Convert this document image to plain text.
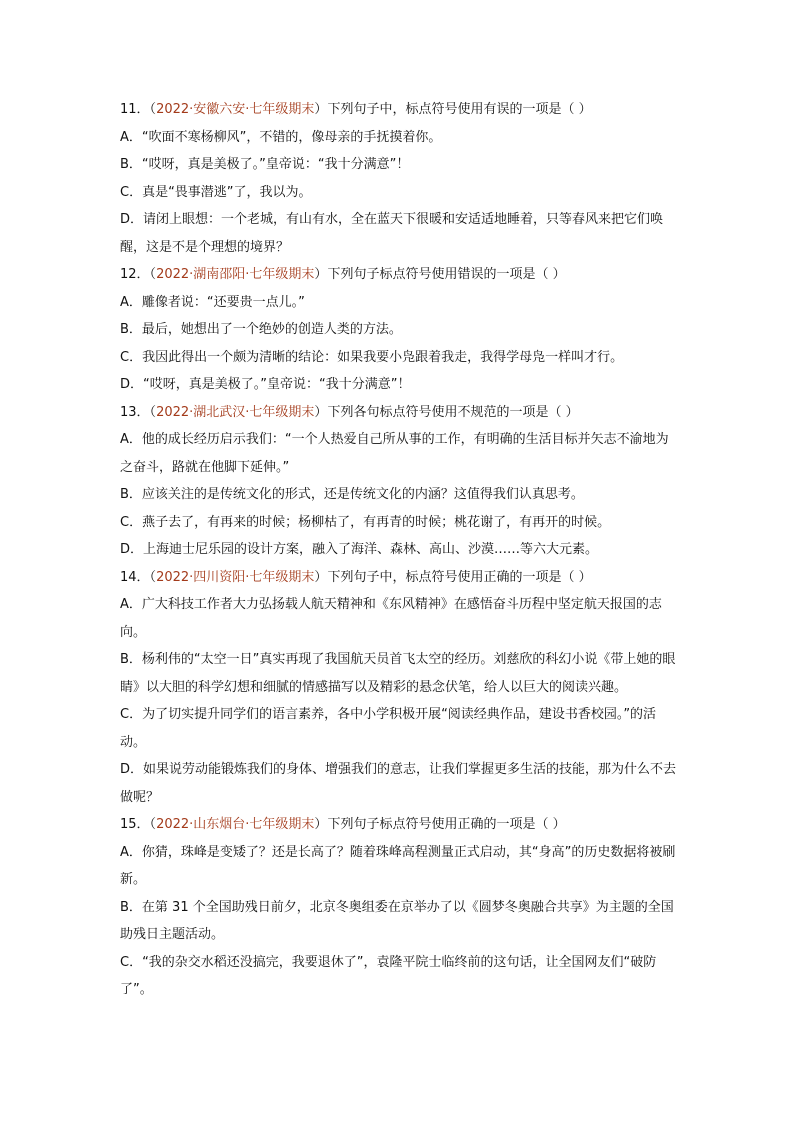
11．（2022·安徽六安·七年级期末）下列句子中，标点符号使用有误的一项是（ ）

A．“吹面不寒杨柳风”，不错的，像母亲的手抚摸着你。

B．“哎呀，真是美极了。”皇帝说：“我十分满意”！

C．真是“畏事潜逃”了，我以为。

D．请闭上眼想：一个老城，有山有水，全在蓝天下很暖和安适适地睡着，只等春风来把它们唤醒，这是不是个理想的境界？

12．（2022·湖南邵阳·七年级期末）下列句子标点符号使用错误的一项是（ ）

A．雕像者说：“还要贵一点儿。”

B．最后，她想出了一个绝妙的创造人类的方法。

C．我因此得出一个颇为清晰的结论：如果我要小凫跟着我走，我得学母凫一样叫才行。

D．“哎呀，真是美极了。”皇帝说：“我十分满意”！

13．（2022·湖北武汉·七年级期末）下列各句标点符号使用不规范的一项是（ ）

A．他的成长经历启示我们：“一个人热爱自己所从事的工作，有明确的生活目标并矢志不渝地为之奋斗，路就在他脚下延伸。”

B．应该关注的是传统文化的形式，还是传统文化的内涵？这值得我们认真思考。

C．燕子去了，有再来的时候；杨柳枯了，有再青的时候；桃花谢了，有再开的时候。

D．上海迪士尼乐园的设计方案，融入了海洋、森林、高山、沙漠……等六大元素。

14．（2022·四川资阳·七年级期末）下列句子中，标点符号使用正确的一项是（ ）

A．广大科技工作者大力弘扬载人航天精神和《东风精神》在感悟奋斗历程中坚定航天报国的志向。

B．杨利伟的“太空一日”真实再现了我国航天员首飞太空的经历。刘慈欣的科幻小说《带上她的眼睛》以大胆的科学幻想和细腻的情感描写以及精彩的悬念伏笔，给人以巨大的阅读兴趣。

C．为了切实提升同学们的语言素养，各中小学积极开展“阅读经典作品，建设书香校园。”的活动。

D．如果说劳动能锻炼我们的身体、增强我们的意志，让我们掌握更多生活的技能，那为什么不去做呢？

15．（2022·山东烟台·七年级期末）下列句子标点符号使用正确的一项是（ ）

A．你猜，珠峰是变矮了？还是长高了？随着珠峰高程测量正式启动，其“身高”的历史数据将被刷新。

B．在第 31 个全国助残日前夕，北京冬奥组委在京举办了以《圆梦冬奥融合共享》为主题的全国助残日主题活动。

C．“我的杂交水稻还没搞完，我要退休了”，袁隆平院士临终前的这句话，让全国网友们“破防了”。
